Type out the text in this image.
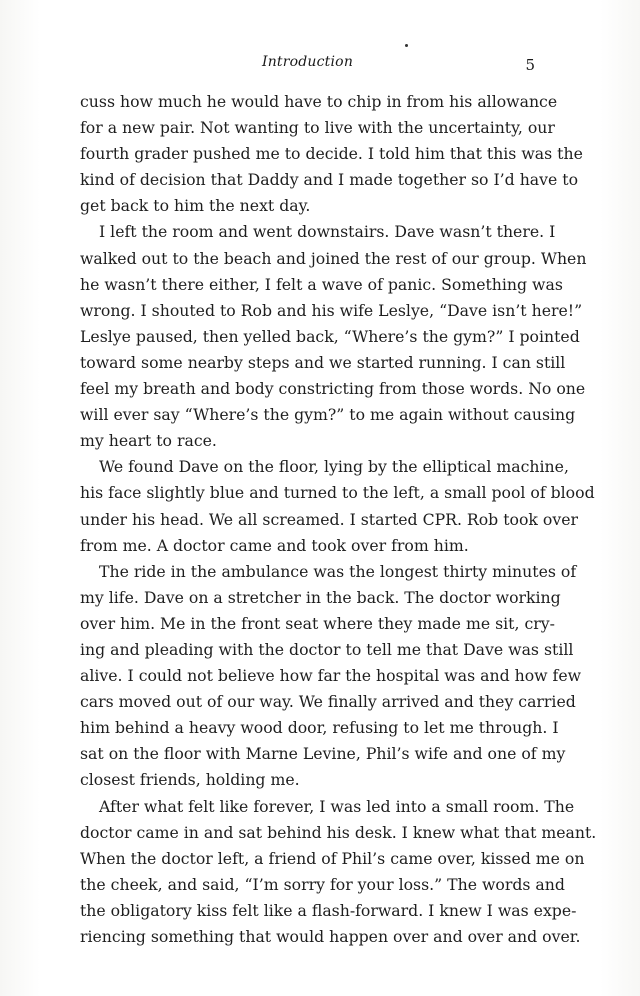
Introduction	5
cuss how much he would have to chip in from his allowance
for a new pair. Not wanting to live with the uncertainty, our
fourth grader pushed me to decide. I told him that this was the
kind of decision that Daddy and I made together so I’d have to
get back to him the next day.
I left the room and went downstairs. Dave wasn’t there. I
walked out to the beach and joined the rest of our group. When
he wasn’t there either, I felt a wave of panic. Something was
wrong. I shouted to Rob and his wife Leslye, “Dave isn’t here!”
Leslye paused, then yelled back, “Where’s the gym?” I pointed
toward some nearby steps and we started running. I can still
feel my breath and body constricting from those words. No one
will ever say “Where’s the gym?” to me again without causing
my heart to race.
We found Dave on the floor, lying by the elliptical machine,
his face slightly blue and turned to the left, a small pool of blood
under his head. We all screamed. I started CPR. Rob took over
from me. A doctor came and took over from him.
The ride in the ambulance was the longest thirty minutes of
my life. Dave on a stretcher in the back. The doctor working
over him. Me in the front seat where they made me sit, cry-
ing and pleading with the doctor to tell me that Dave was still
alive. I could not believe how far the hospital was and how few
cars moved out of our way. We finally arrived and they carried
him behind a heavy wood door, refusing to let me through. I
sat on the floor with Marne Levine, Phil’s wife and one of my
closest friends, holding me.
After what felt like forever, I was led into a small room. The
doctor came in and sat behind his desk. I knew what that meant.
When the doctor left, a friend of Phil’s came over, kissed me on
the cheek, and said, “I’m sorry for your loss.” The words and
the obligatory kiss felt like a flash-forward. I knew I was expe-
riencing something that would happen over and over and over.
